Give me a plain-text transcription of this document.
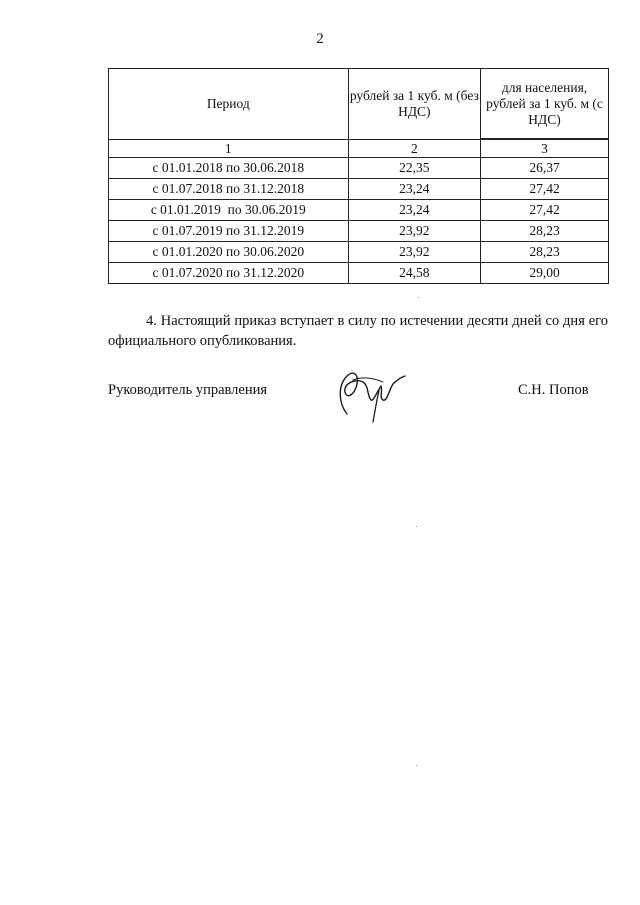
2
Период	рублей за 1 куб. м (без НДС)	для населения, рублей за 1 куб. м (с НДС)
1	2	3
с 01.01.2018 по 30.06.2018	22,35	26,37
с 01.07.2018 по 31.12.2018	23,24	27,42
с 01.01.2019  по 30.06.2019	23,24	27,42
с 01.07.2019 по 31.12.2019	23,92	28,23
с 01.01.2020 по 30.06.2020	23,92	28,23
с 01.07.2020 по 31.12.2020	24,58	29,00
4. Настоящий приказ вступает в силу по истечении десяти дней со дня его официального опубликования.
Руководитель управления	С.Н. Попов
